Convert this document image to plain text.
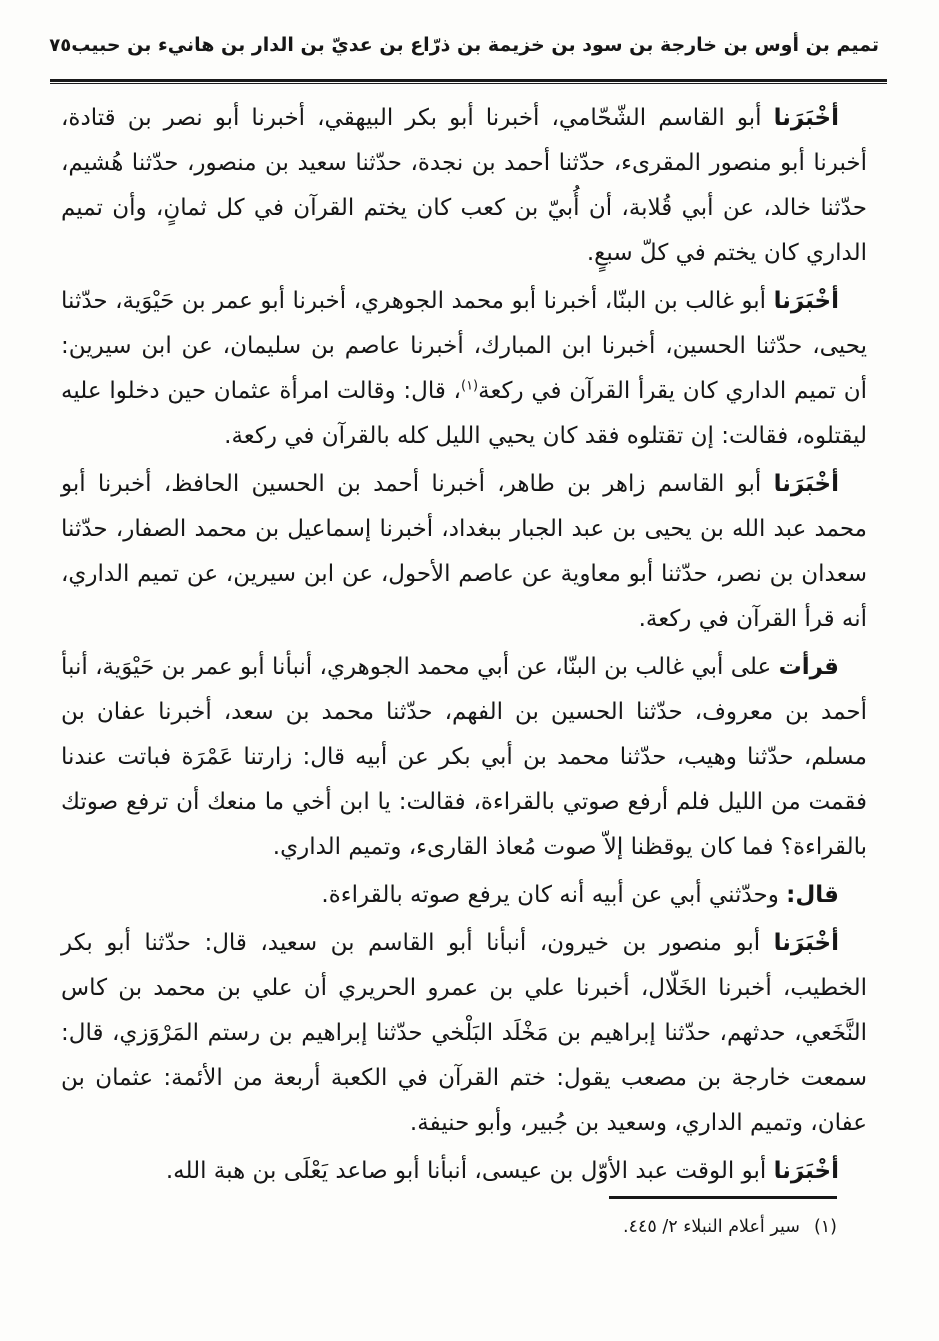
تميم بن أوس بن خارجة بن سود بن خزيمة بن ذرّاع بن عديّ بن الدار بن هانيء بن حبيب
٧٥

أخْبَرَنا أبو القاسم الشّحّامي، أخبرنا أبو بكر البيهقي، أخبرنا أبو نصر بن قتادة، أخبرنا أبو منصور المقرىء، حدّثنا أحمد بن نجدة، حدّثنا سعيد بن منصور، حدّثنا هُشيم، حدّثنا خالد، عن أبي قُلابة، أن أُبيّ بن كعب كان يختم القرآن في كل ثمانٍ، وأن تميم الداري كان يختم في كلّ سبعٍ.

أخْبَرَنا أبو غالب بن البنّا، أخبرنا أبو محمد الجوهري، أخبرنا أبو عمر بن حَيْوَية، حدّثنا يحيى، حدّثنا الحسين، أخبرنا ابن المبارك، أخبرنا عاصم بن سليمان، عن ابن سيرين: أن تميم الداري كان يقرأ القرآن في ركعة$^{(١)}$، قال: وقالت امرأة عثمان حين دخلوا عليه ليقتلوه، فقالت: إن تقتلوه فقد كان يحيي الليل كله بالقرآن في ركعة.

أخْبَرَنا أبو القاسم زاهر بن طاهر، أخبرنا أحمد بن الحسين الحافظ، أخبرنا أبو محمد عبد الله بن يحيى بن عبد الجبار ببغداد، أخبرنا إسماعيل بن محمد الصفار، حدّثنا سعدان بن نصر، حدّثنا أبو معاوية عن عاصم الأحول، عن ابن سيرين، عن تميم الداري، أنه قرأ القرآن في ركعة.

قرأت على أبي غالب بن البنّا، عن أبي محمد الجوهري، أنبأنا أبو عمر بن حَيْوَية، أنبأ أحمد بن معروف، حدّثنا الحسين بن الفهم، حدّثنا محمد بن سعد، أخبرنا عفان بن مسلم، حدّثنا وهيب، حدّثنا محمد بن أبي بكر عن أبيه قال: زارتنا عَمْرَة فباتت عندنا فقمت من الليل فلم أرفع صوتي بالقراءة، فقالت: يا ابن أخي ما منعك أن ترفع صوتك بالقراءة؟ فما كان يوقظنا إلاّ صوت مُعاذ القارىء، وتميم الداري.

قال: وحدّثني أبي عن أبيه أنه كان يرفع صوته بالقراءة.

أخْبَرَنا أبو منصور بن خيرون، أنبأنا أبو القاسم بن سعيد، قال: حدّثنا أبو بكر الخطيب، أخبرنا الخَلّال، أخبرنا علي بن عمرو الحريري أن علي بن محمد بن كاس النَّخَعي، حدثهم، حدّثنا إبراهيم بن مَخْلَد البَلْخي حدّثنا إبراهيم بن رستم المَرْوَزي، قال: سمعت خارجة بن مصعب يقول: ختم القرآن في الكعبة أربعة من الأئمة: عثمان بن عفان، وتميم الداري، وسعيد بن جُبير، وأبو حنيفة.

أخْبَرَنا أبو الوقت عبد الأوّل بن عيسى، أنبأنا أبو صاعد يَعْلَى بن هبة الله.

(١)سير أعلام النبلاء ٢/ ٤٤٥.
